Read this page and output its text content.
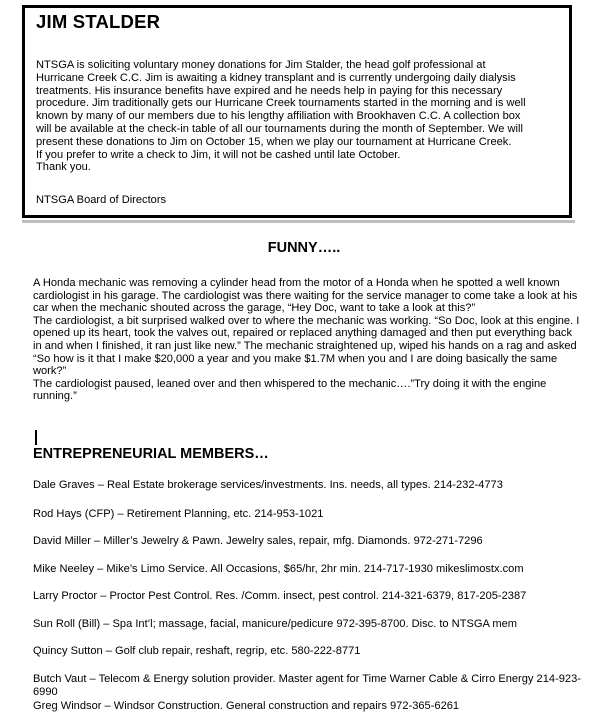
JIM STALDER
NTSGA is soliciting voluntary money donations for Jim Stalder, the head golf professional at
Hurricane Creek C.C. Jim is awaiting a kidney transplant and is currently undergoing daily dialysis
treatments. His insurance benefits have expired and he needs help in paying for this necessary
procedure. Jim traditionally gets our Hurricane Creek tournaments started in the morning and is well
known by many of our members due to his lengthy affiliation with Brookhaven C.C. A collection box
will be available at the check-in table of all our tournaments during the month of September. We will
present these donations to Jim on October 15, when we play our tournament at Hurricane Creek.
If you prefer to write a check to Jim, it will not be cashed until late October.
Thank you.
NTSGA Board of Directors
FUNNY…..

A Honda mechanic was removing a cylinder head from the motor of a Honda when he spotted a well known cardiologist in his garage. The cardiologist was there waiting for the service manager to come take a look at his car when the mechanic shouted across the garage, “Hey Doc, want to take a look at this?”

The cardiologist, a bit surprised walked over to where the mechanic was working. “So Doc, look at this engine. I opened up its heart, took the valves out, repaired or replaced anything damaged and then put everything back in and when I finished, it ran just like new.” The mechanic straightened up, wiped his hands on a rag and asked “So how is it that I make $20,000 a year and you make $1.7M when you and I are doing basically the same work?”

The cardiologist paused, leaned over and then whispered to the mechanic….”Try doing it with the engine running.”

ENTREPRENEURIAL MEMBERS…
Dale Graves – Real Estate brokerage services/investments. Ins. needs, all types. 214-232-4773
Rod Hays (CFP) – Retirement Planning, etc. 214-953-1021
David Miller – Miller’s Jewelry & Pawn. Jewelry sales, repair, mfg. Diamonds. 972-271-7296
Mike Neeley – Mike’s Limo Service. All Occasions, $65/hr, 2hr min. 214-717-1930 mikeslimostx.com
Larry Proctor – Proctor Pest Control. Res. /Comm. insect, pest control. 214-321-6379, 817-205-2387
Sun Roll (Bill) – Spa Int’l; massage, facial, manicure/pedicure 972-395-8700. Disc. to NTSGA mem
Quincy Sutton – Golf club repair, reshaft, regrip, etc. 580-222-8771
Butch Vaut – Telecom & Energy solution provider. Master agent for Time Warner Cable & Cirro Energy 214-923-6990
Greg Windsor – Windsor Construction. General construction and repairs 972-365-6261
